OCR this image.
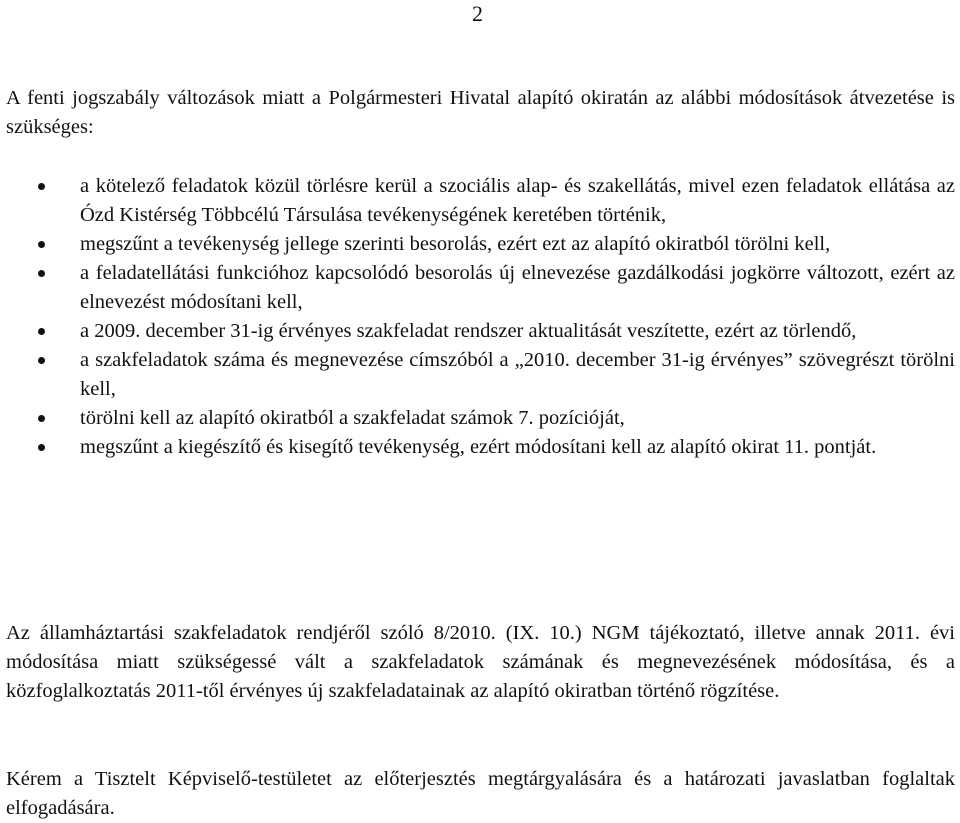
2

A fenti jogszabály változások miatt a Polgármesteri Hivatal alapító okiratán az alábbi módosítások átvezetése is szükséges:

a kötelező feladatok közül törlésre kerül a szociális alap- és szakellátás, mivel ezen feladatok ellátása az Ózd Kistérség Többcélú Társulása tevékenységének keretében történik,
megszűnt a tevékenység jellege szerinti besorolás, ezért ezt az alapító okiratból törölni kell,
a feladatellátási funkcióhoz kapcsolódó besorolás új elnevezése gazdálkodási jogkörre változott, ezért az elnevezést módosítani kell,
a 2009. december 31-ig érvényes szakfeladat rendszer aktualitását veszítette, ezért az törlendő,
a szakfeladatok száma és megnevezése címszóból a „2010. december 31-ig érvényes” szövegrészt törölni kell,
törölni kell az alapító okiratból a szakfeladat számok 7. pozícióját,
megszűnt a kiegészítő és kisegítő tevékenység, ezért módosítani kell az alapító okirat 11. pontját.

Az államháztartási szakfeladatok rendjéről szóló 8/2010. (IX. 10.) NGM tájékoztató, illetve annak 2011. évi módosítása miatt szükségessé vált a szakfeladatok számának és megnevezésének módosítása, és a közfoglalkoztatás 2011-től érvényes új szakfeladatainak az alapító okiratban történő rögzítése.

Kérem a Tisztelt Képviselő-testületet az előterjesztés megtárgyalására és a határozati javaslatban foglaltak elfogadására.
